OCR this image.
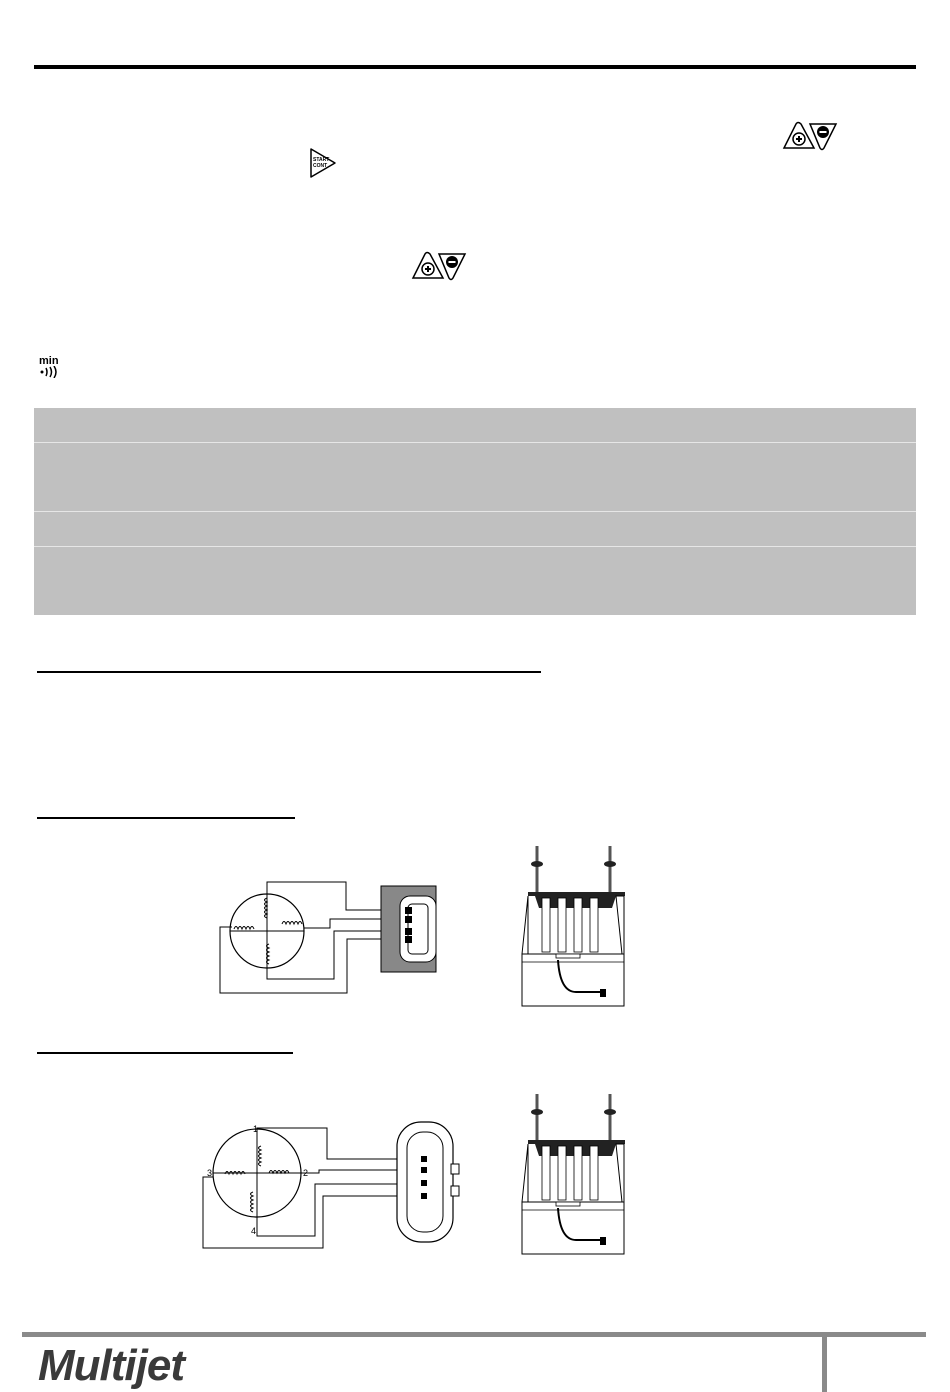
START
CONT
min
1
2
3
4
Multijet
